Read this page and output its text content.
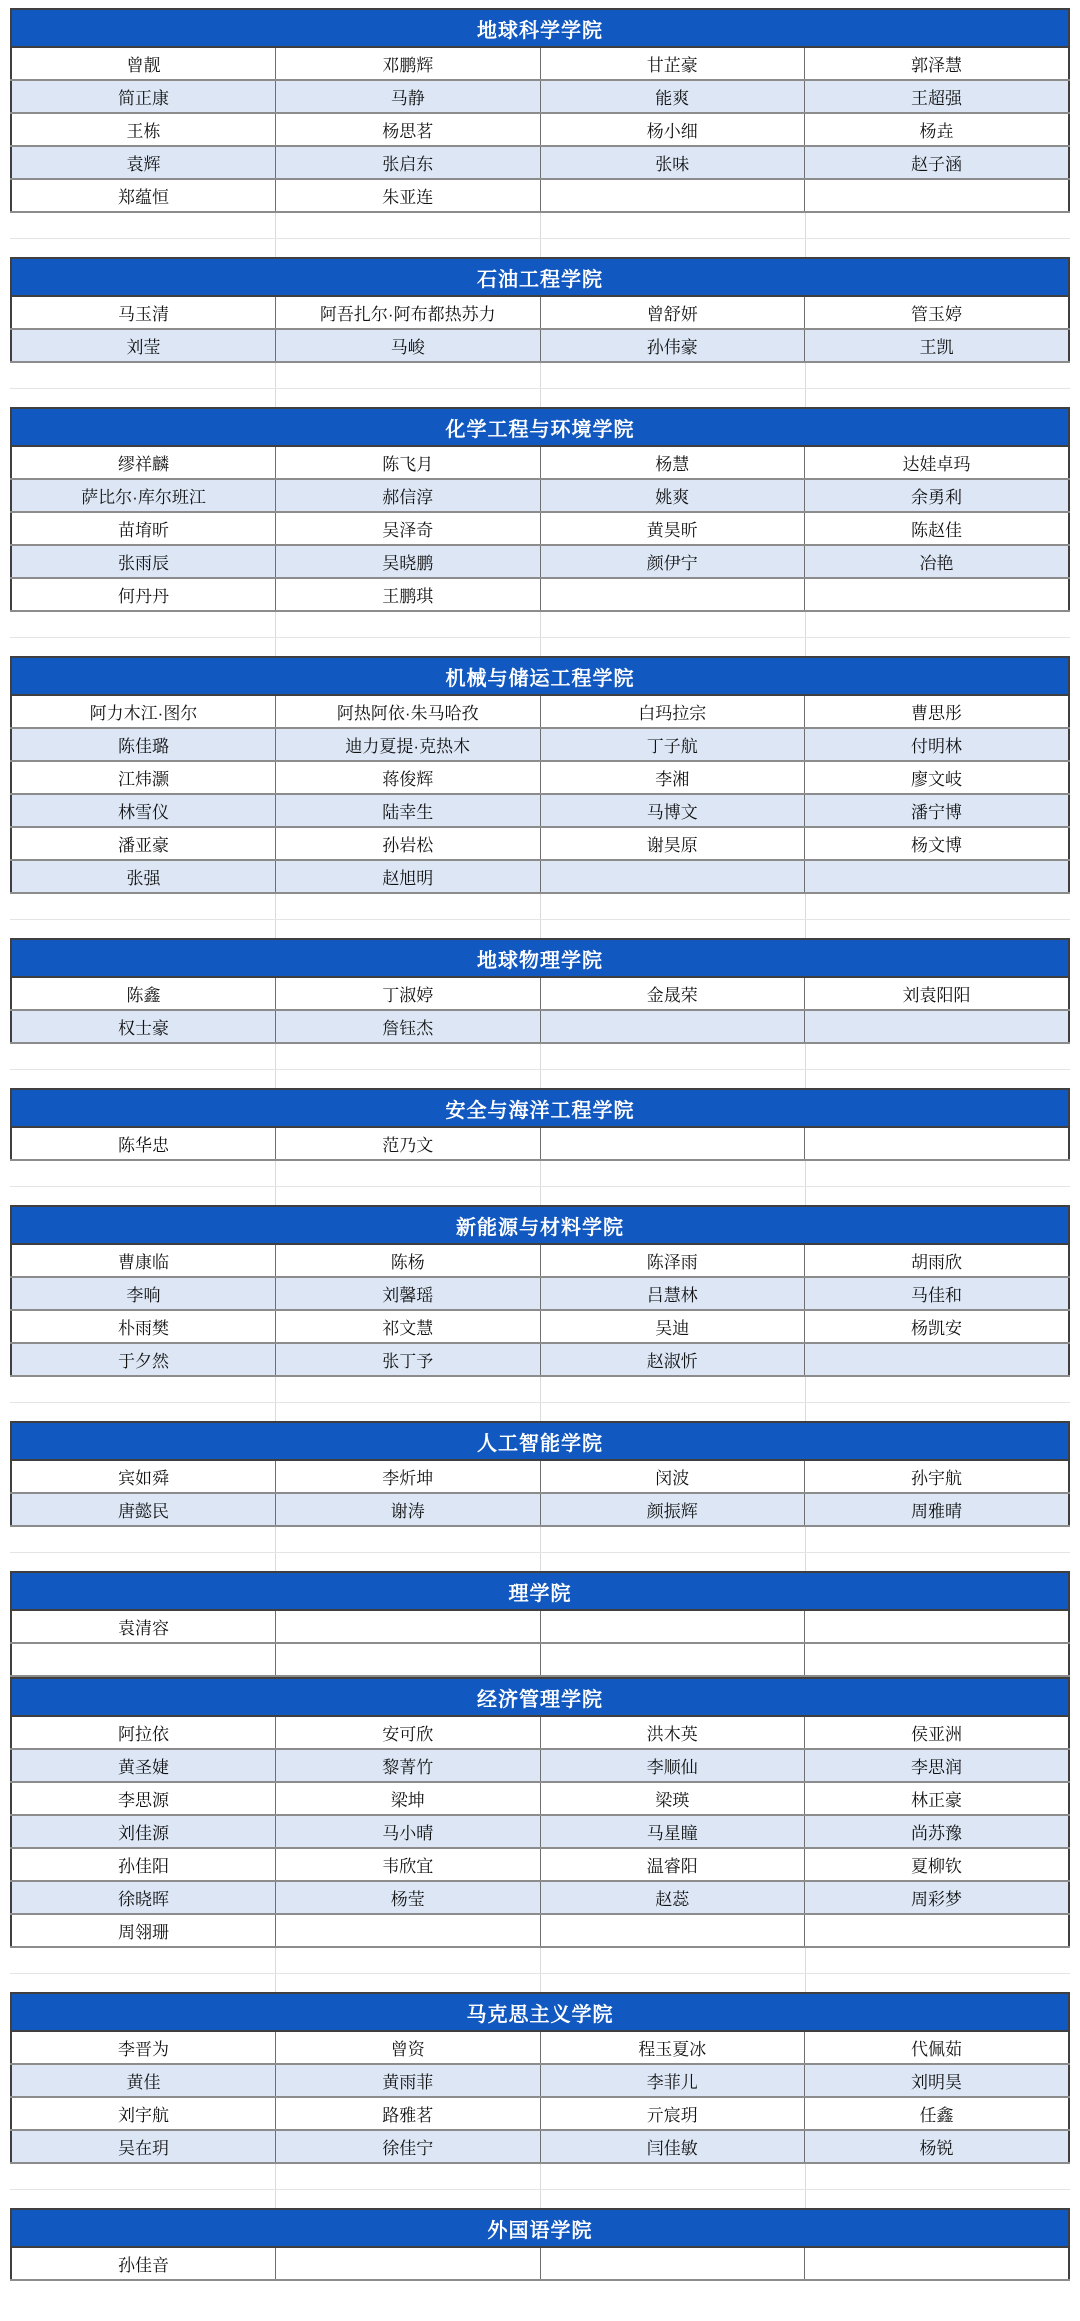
地球科学学院			
曾靓	邓鹏辉	甘芷豪	郭泽慧
简正康	马静	能爽	王超强
王栋	杨思茗	杨小细	杨垚
袁辉	张启东	张味	赵子涵
郑蕴恒	朱亚连		
石油工程学院			
马玉清	阿吾扎尔·阿布都热苏力	曾舒妍	管玉婷
刘莹	马峻	孙伟豪	王凯
化学工程与环境学院			
缪祥麟	陈飞月	杨慧	达娃卓玛
萨比尔·库尔班江	郝信淳	姚爽	余勇利
苗堉昕	吴泽奇	黄昊昕	陈赵佳
张雨辰	吴晓鹏	颜伊宁	冶艳
何丹丹	王鹏琪		
机械与储运工程学院			
阿力木江·图尔	阿热阿依·朱马哈孜	白玛拉宗	曹思彤
陈佳璐	迪力夏提·克热木	丁子航	付明林
江炜灏	蒋俊辉	李湘	廖文岐
林雪仪	陆幸生	马博文	潘宁博
潘亚豪	孙岩松	谢昊原	杨文博
张强	赵旭明		
地球物理学院			
陈鑫	丁淑婷	金晟荣	刘袁阳阳
权士豪	詹钰杰		
安全与海洋工程学院
陈华忠	范乃文		
新能源与材料学院			
曹康临	陈杨	陈泽雨	胡雨欣
李响	刘馨瑶	吕慧林	马佳和
朴雨樊	祁文慧	吴迪	杨凯安
于夕然	张丁予	赵淑忻	
人工智能学院			
宾如舜	李炘坤	闵波	孙宇航
唐懿民	谢涛	颜振辉	周雅晴
理学院			
袁清容			

经济管理学院			
阿拉依	安可欣	洪木英	侯亚洲
黄圣婕	黎菁竹	李顺仙	李思润
李思源	梁坤	梁瑛	林正豪
刘佳源	马小晴	马星瞳	尚苏豫
孙佳阳	韦欣宜	温睿阳	夏柳钦
徐晓晖	杨莹	赵蕊	周彩梦
周翎珊			
马克思主义学院			
李晋为	曾资	程玉夏冰	代佩茹
黄佳	黄雨菲	李菲儿	刘明昊
刘宇航	路雅茗	亓宸玥	任鑫
吴在玥	徐佳宁	闫佳敏	杨锐
外国语学院
孙佳音			
